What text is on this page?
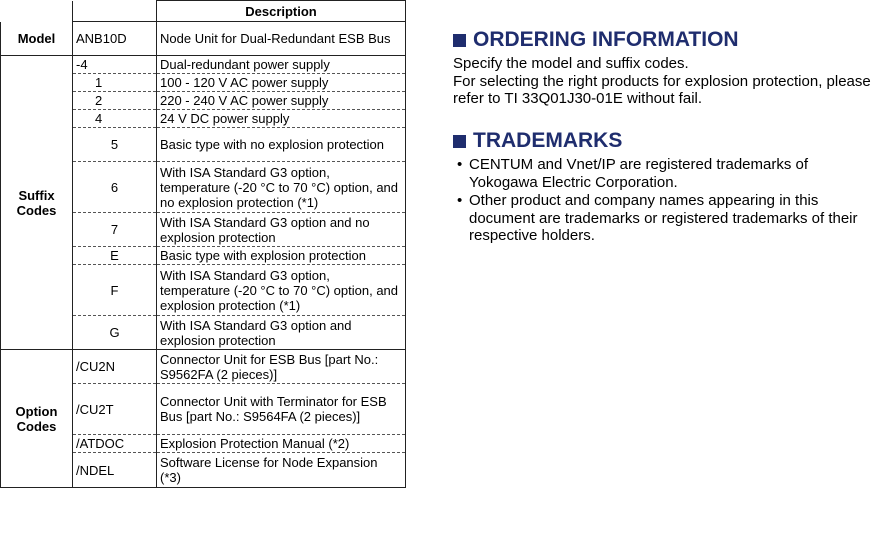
		Description
Model	ANB10D	Node Unit for Dual-Redundant ESB Bus
Suffix
Codes	-4	Dual-redundant power supply
	1	100 - 120 V AC power supply
	2	220 - 240 V AC power supply
	4	24 V DC power supply
	5	Basic type with no explosion protection
	6	With ISA Standard G3 option, temperature (-20 °C to 70 °C) option, and no explosion protection (*1)
	7	With ISA Standard G3 option and no explosion protection
	E	Basic type with explosion protection
	F	With ISA Standard G3 option, temperature (-20 °C to 70 °C) option, and explosion protection (*1)
	G	With ISA Standard G3 option and explosion protection
Option
Codes	/CU2N	Connector Unit for ESB Bus [part No.: S9562FA (2 pieces)]
	/CU2T	Connector Unit with Terminator for ESB Bus [part No.: S9564FA (2 pieces)]
	/ATDOC	Explosion Protection Manual (*2)
	/NDEL	Software License for Node Expansion (*3)
ORDERING INFORMATION

Specify the model and suffix codes.

For selecting the right products for explosion protection, please refer to TI 33Q01J30-01E without fail.

TRADEMARKS
• CENTUM and Vnet/IP are registered trademarks of Yokogawa Electric Corporation.
• Other product and company names appearing in this document are trademarks or registered trademarks of their respective holders.
